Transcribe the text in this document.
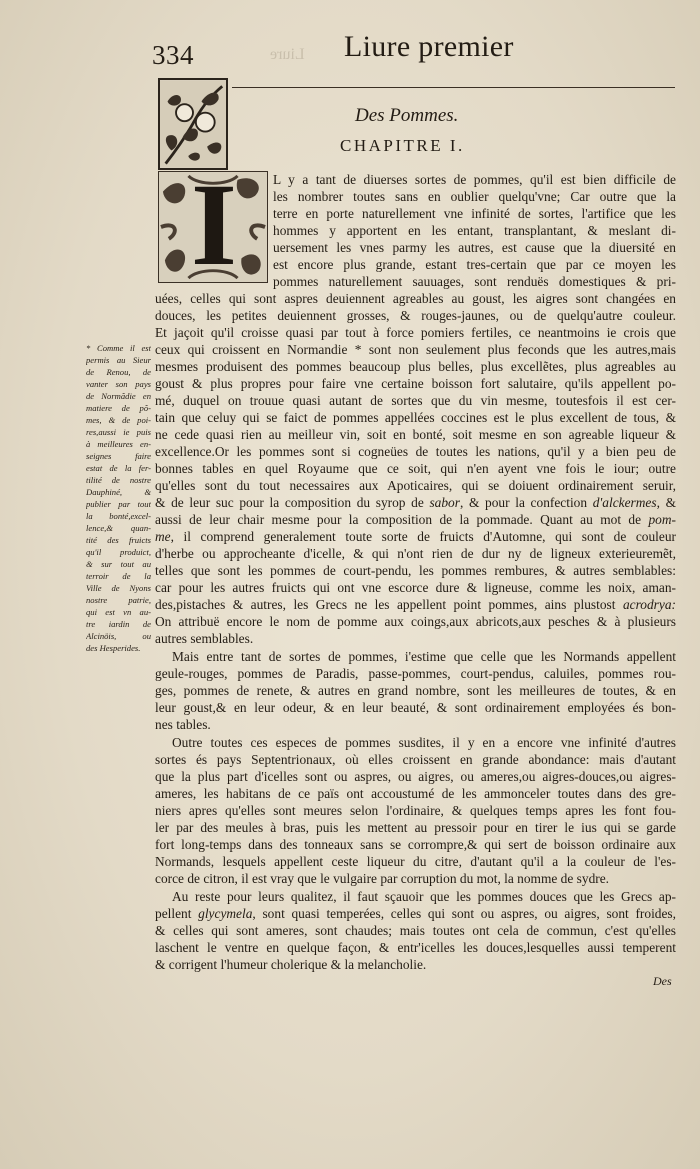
Liure
334	Liure premier
Des Pommes.
CHAPITRE I.
I	L y a tant de diuerses sortes de pommes, qu'il est bien difficile de
les nombrer toutes sans en oublier quelqu'vne; Car outre que la
terre en porte naturellement vne infinité de sortes, l'artifice que les
hommes y apportent en les entant, transplantant, & meslant di-
uersement les vnes parmy les autres, est cause que la diuersité en
est encore plus grande, estant tres-certain que par ce moyen les
pommes naturellement sauuages, sont renduës domestiques & pri-
uées, celles qui sont aspres deuiennent agreables au goust, les aigres sont changées en
douces, les petites deuiennent grosses, & rouges-jaunes, ou de quelqu'autre couleur.
Et jaçoit qu'il croisse quasi par tout à force pomiers fertiles, ce neantmoins ie crois que
ceux qui croissent en Normandie * sont non seulement plus feconds que les autres,mais
mesmes produisent des pommes beaucoup plus belles, plus excellẽtes, plus agreables au
goust & plus propres pour faire vne certaine boisson fort salutaire, qu'ils appellent po-
mé, duquel on trouue quasi autant de sortes que du vin mesme, toutesfois il est cer-
tain que celuy qui se faict de pommes appellées coccines est le plus excellent de tous, &
ne cede quasi rien au meilleur vin, soit en bonté, soit mesme en son agreable liqueur &
excellence.Or les pommes sont si cogneües de toutes les nations, qu'il y a bien peu de
bonnes tables en quel Royaume que ce soit, qui n'en ayent vne fois le iour; outre
qu'elles sont du tout necessaires aux Apoticaires, qui se doiuent ordinairement seruir,
& de leur suc pour la composition du syrop de sabor, & pour la confection d'alckermes, &
aussi de leur chair mesme pour la composition de la pommade. Quant au mot de pom-
me, il comprend generalement toute sorte de fruicts d'Automne, qui sont de couleur
d'herbe ou approcheante d'icelle, & qui n'ont rien de dur ny de ligneux exterieuremẽt,
telles que sont les pommes de court-pendu, les pommes rembures, & autres semblables:
car pour les autres fruicts qui ont vne escorce dure & ligneuse, comme les noix, aman-
des,pistaches & autres, les Grecs ne les appellent point pommes, ains plustost acrodrya:
On attribuë encore le nom de pomme aux coings,aux abricots,aux pesches & à plusieurs
autres semblables.
Mais entre tant de sortes de pommes, i'estime que celle que les Normands appellent
geule-rouges, pommes de Paradis, passe-pommes, court-pendus, caluiles, pommes rou-
ges, pommes de renete, & autres en grand nombre, sont les meilleures de toutes, & en
leur goust,& en leur odeur, & en leur beauté, & sont ordinairement employées és bon-
nes tables.
Outre toutes ces especes de pommes susdites, il y en a encore vne infinité d'autres
sortes és pays Septentrionaux, où elles croissent en grande abondance: mais d'autant
que la plus part d'icelles sont ou aspres, ou aigres, ou ameres,ou aigres-douces,ou aigres-
ameres, les habitans de ce païs ont accoustumé de les ammonceler toutes dans des gre-
niers apres qu'elles sont meures selon l'ordinaire, & quelques temps apres les font fou-
ler par des meules à bras, puis les mettent au pressoir pour en tirer le ius qui se garde
fort long-temps dans des tonneaux sans se corrompre,& qui sert de boisson ordinaire aux
Normands, lesquels appellent ceste liqueur du citre, d'autant qu'il a la couleur de l'es-
corce de citron, il est vray que le vulgaire par corruption du mot, la nomme de sydre.
Au reste pour leurs qualitez, il faut sçauoir que les pommes douces que les Grecs ap-
pellent glycymela, sont quasi temperées, celles qui sont ou aspres, ou aigres, sont froides,
& celles qui sont ameres, sont chaudes; mais toutes ont cela de commun, c'est qu'elles
laschent le ventre en quelque façon, & entr'icelles les douces,lesquelles aussi temperent
& corrigent l'humeur cholerique & la melancholie.
* Comme il est
permis au Sieur
de Renou, de
vanter son pays
de Normãdie en
matiere de põ-
mes, & de poi-
res,aussi ie puis
à meilleures en-
seignes faire
estat de la fer-
tilité de nostre
Dauphiné, &
publier par tout
la bonté,excel-
lence,& quan-
tité des fruicts
qu'il produict,
& sur tout au
terroir de la
Ville de Nyons
nostre patrie,
qui est vn au-
tre iardin de
Alcinöis, ou
des Hesperides.
Des
